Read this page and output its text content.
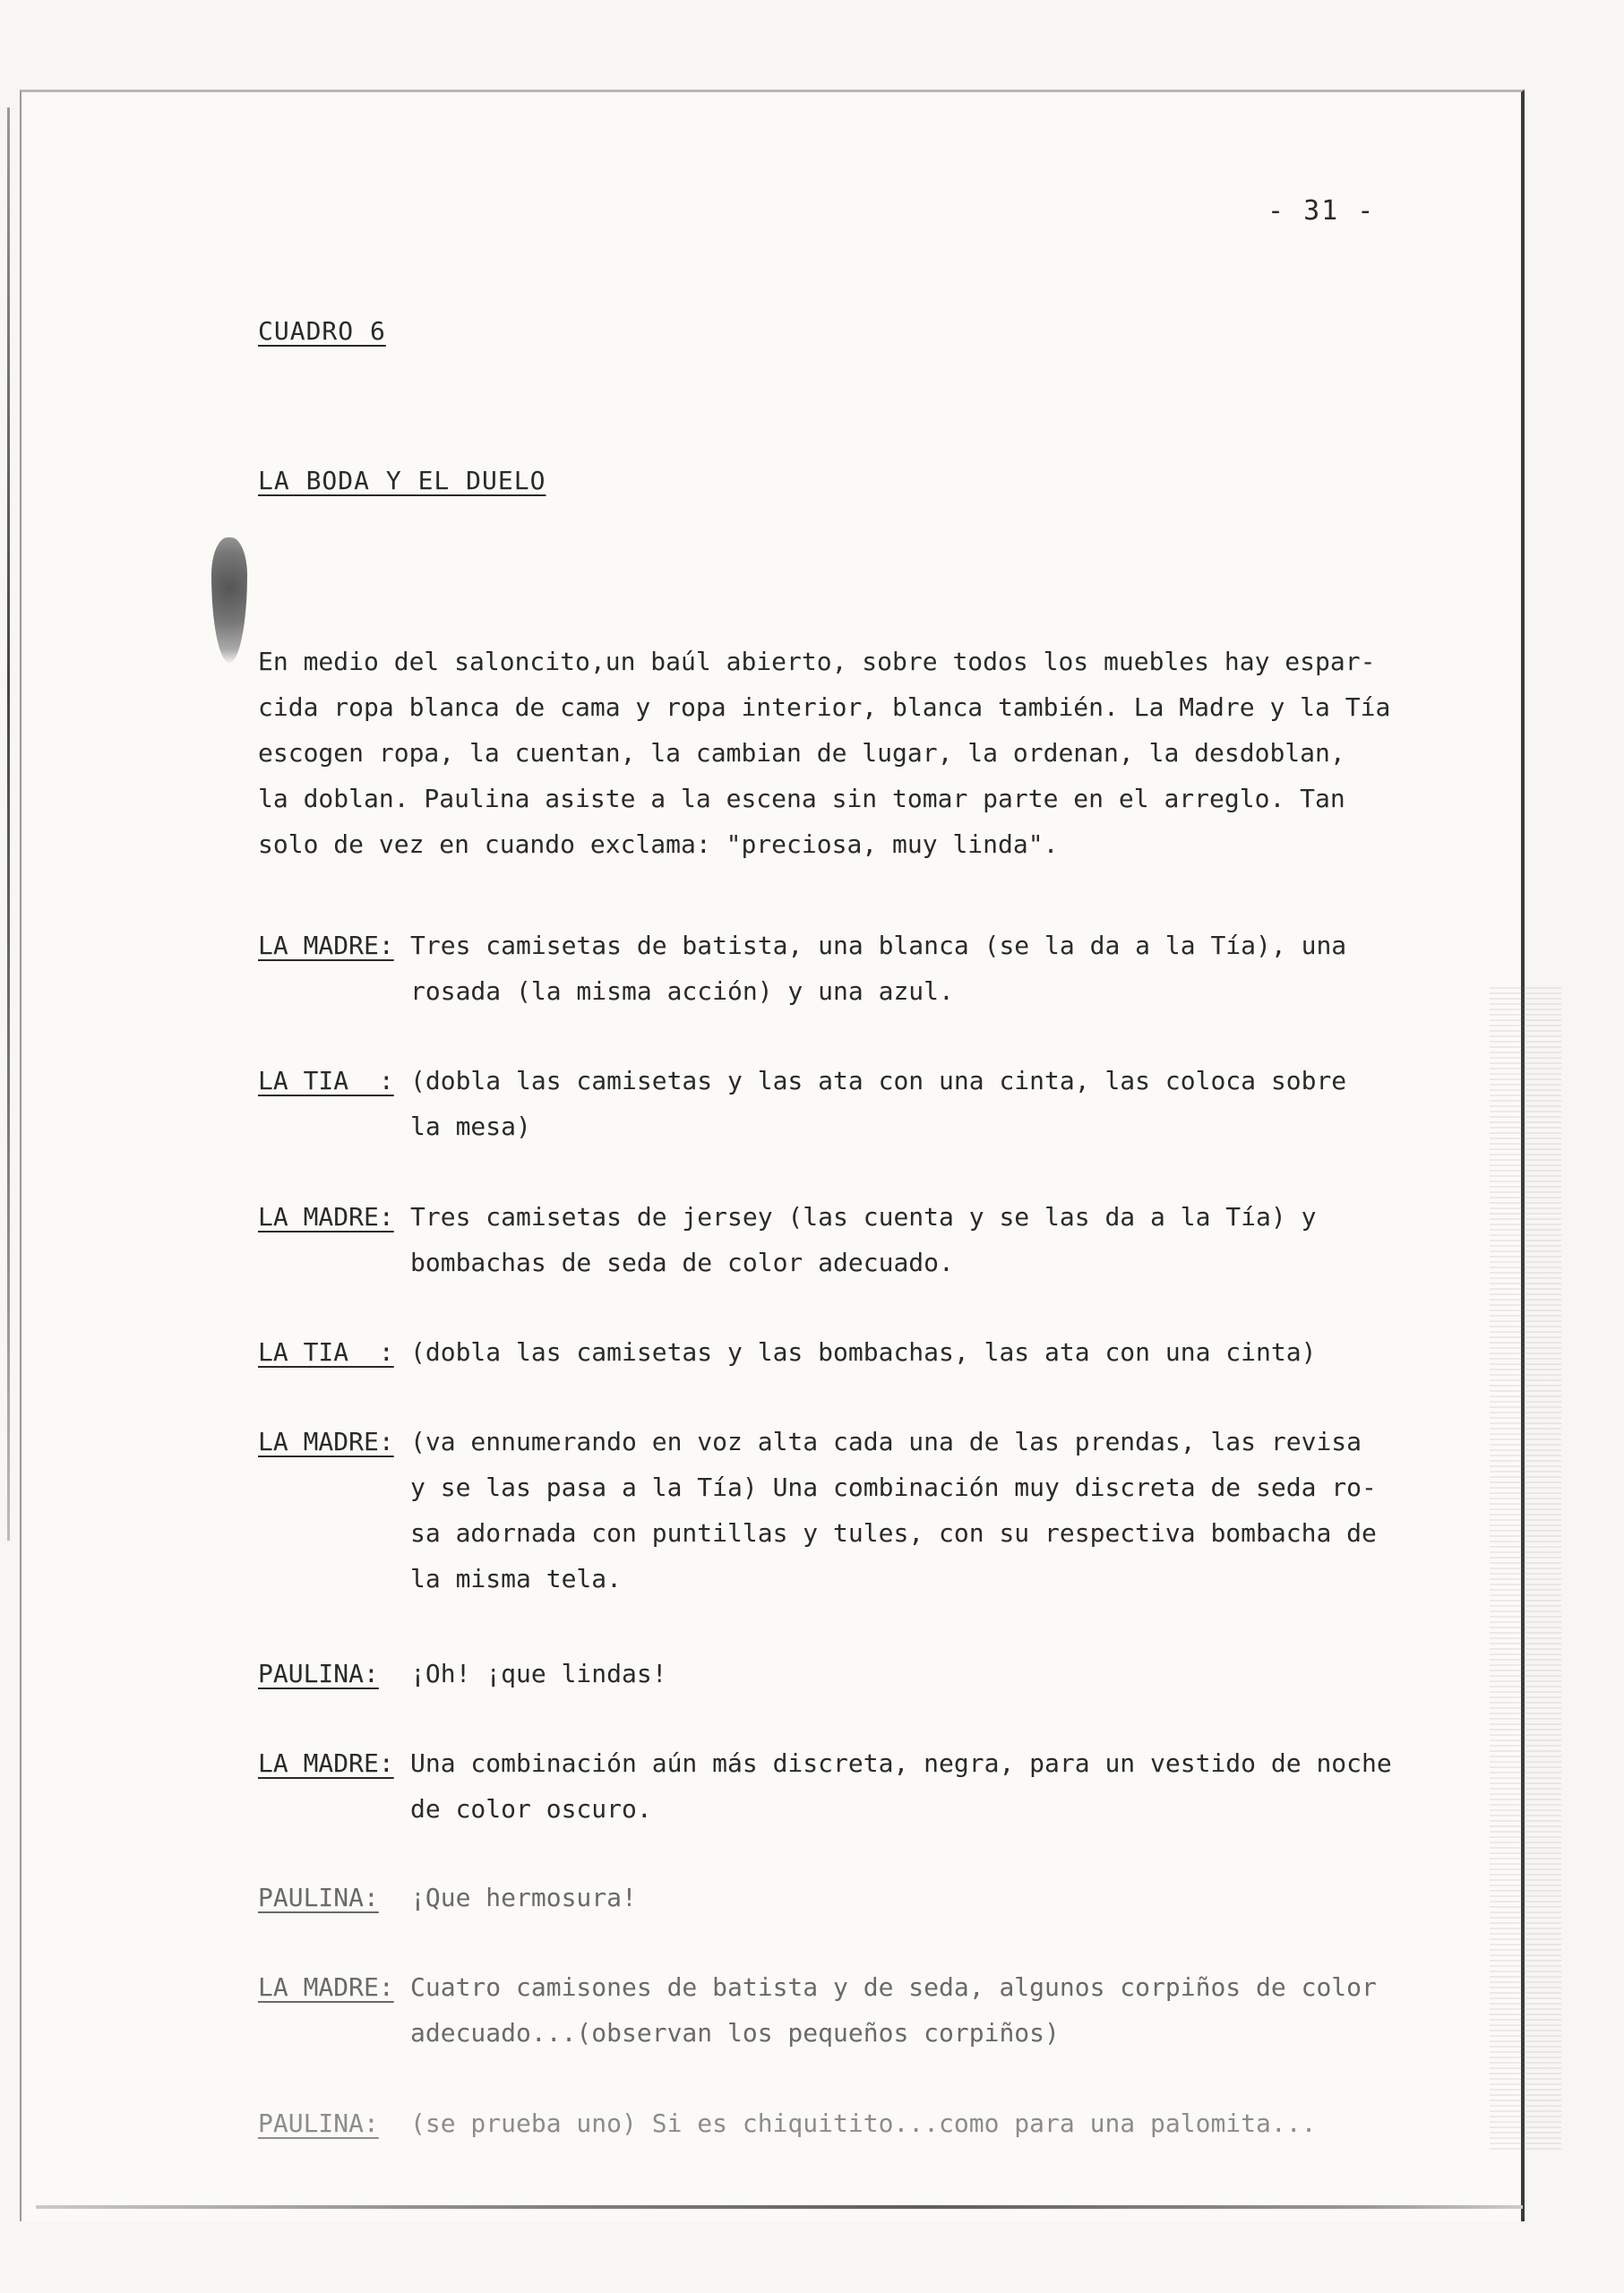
- 31 -
CUADRO 6
LA BODA Y EL DUELO
En medio del saloncito,un baúl abierto, sobre todos los muebles hay espar-
cida ropa blanca de cama y ropa interior, blanca también. La Madre y la Tía
escogen ropa, la cuentan, la cambian de lugar, la ordenan, la desdoblan,
la doblan. Paulina asiste a la escena sin tomar parte en el arreglo. Tan
solo de vez en cuando exclama: "preciosa, muy linda".
LA MADRE: Tres camisetas de batista, una blanca (se la da a la Tía), una
rosada (la misma acción) y una azul.
LA TIA  : (dobla las camisetas y las ata con una cinta, las coloca sobre
la mesa)
LA MADRE: Tres camisetas de jersey (las cuenta y se las da a la Tía) y
bombachas de seda de color adecuado.
LA TIA  : (dobla las camisetas y las bombachas, las ata con una cinta)
LA MADRE: (va ennumerando en voz alta cada una de las prendas, las revisa
y se las pasa a la Tía) Una combinación muy discreta de seda ro-
sa adornada con puntillas y tules, con su respectiva bombacha de
la misma tela.
PAULINA: ¡Oh! ¡que lindas!
LA MADRE: Una combinación aún más discreta, negra, para un vestido de noche
de color oscuro.
PAULINA: ¡Que hermosura!
LA MADRE: Cuatro camisones de batista y de seda, algunos corpiños de color
adecuado...(observan los pequeños corpiños)
PAULINA: (se prueba uno) Si es chiquitito...como para una palomita...
